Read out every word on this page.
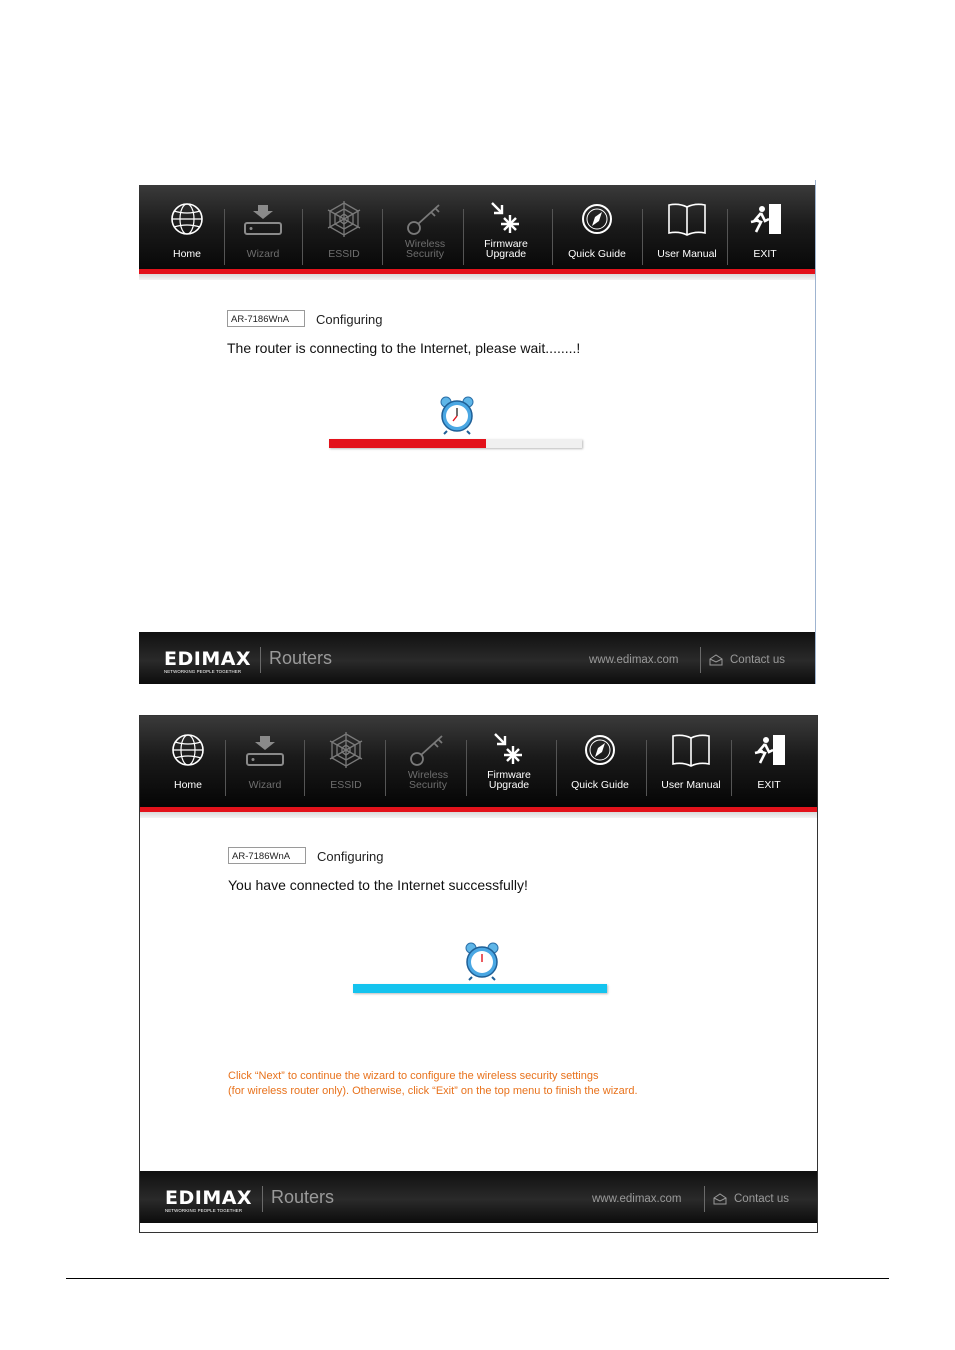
Home	Wizard	ESSID
Wireless
Security
Firmware
Upgrade	Quick Guide	User Manual	EXIT
AR-7186WnA	Configuring
The router is connecting to the Internet, please wait........!
EDIMAX
NETWORKING PEOPLE TOGETHER
Routers	www.edimax.com	Contact us
Home	Wizard	ESSID
Wireless
Security
Firmware
Upgrade	Quick Guide	User Manual	EXIT
AR-7186WnA	Configuring
You have connected to the Internet successfully!
Click “Next” to continue the wizard to configure the wireless security settings
(for wireless router only). Otherwise, click “Exit” on the top menu to finish the wizard.
EDIMAX
NETWORKING PEOPLE TOGETHER
Routers	www.edimax.com	Contact us
